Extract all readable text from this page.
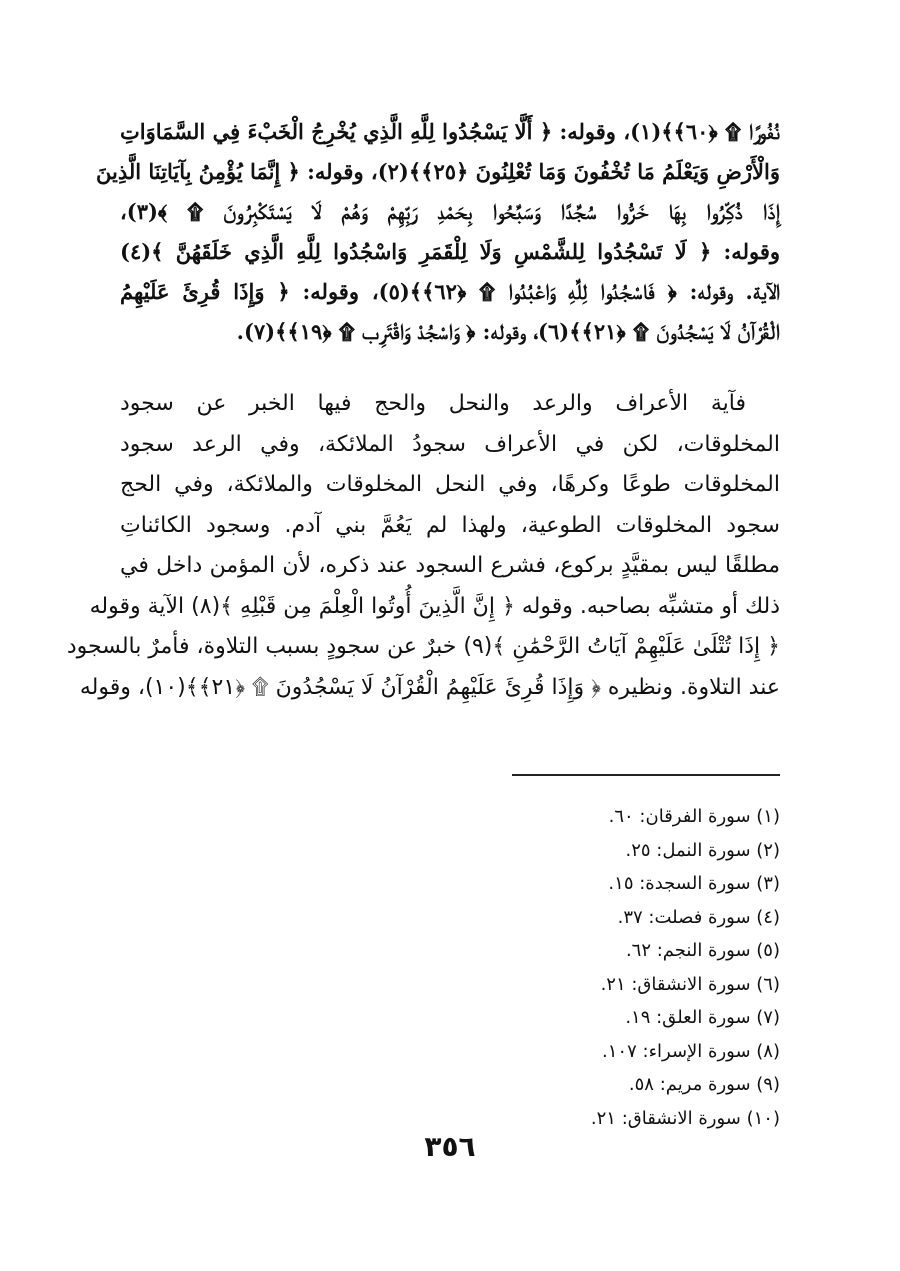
نُفُورًا ۩ ﴿٦٠﴾﴾(١)، وقوله: ﴿ أَلَّا يَسْجُدُوا لِلَّهِ الَّذِي يُخْرِجُ الْخَبْءَ فِي السَّمَاوَاتِ
وَالْأَرْضِ وَيَعْلَمُ مَا تُخْفُونَ وَمَا تُعْلِنُونَ ﴿٢٥﴾﴾(٢)، وقوله: ﴿ إِنَّمَا يُؤْمِنُ بِآيَاتِنَا الَّذِينَ
إِذَا ذُكِّرُوا بِهَا خَرُّوا سُجَّدًا وَسَبَّحُوا بِحَمْدِ رَبِّهِمْ وَهُمْ لَا يَسْتَكْبِرُونَ ۩ ﴾(٣)،
وقوله: ﴿ لَا تَسْجُدُوا لِلشَّمْسِ وَلَا لِلْقَمَرِ وَاسْجُدُوا لِلَّهِ الَّذِي خَلَقَهُنَّ ﴾(٤)
الآية. وقوله: ﴿ فَاسْجُدُوا لِلَّهِ وَاعْبُدُوا ۩ ﴿٦٢﴾﴾(٥)، وقوله: ﴿ وَإِذَا قُرِئَ عَلَيْهِمُ
الْقُرْآنُ لَا يَسْجُدُونَ ۩ ﴿٢١﴾﴾(٦)، وقوله: ﴿ وَاسْجُدْ وَاقْتَرِب ۩ ﴿١٩﴾﴾(٧).
فآية الأعراف والرعد والنحل والحج فيها الخبر عن سجود
المخلوقات، لكن في الأعراف سجودُ الملائكة، وفي الرعد سجود
المخلوقات طوعًا وكرهًا، وفي النحل المخلوقات والملائكة، وفي الحج
سجود المخلوقات الطوعية، ولهذا لم يَعُمَّ بني آدم. وسجود الكائناتِ
مطلقًا ليس بمقيَّدٍ بركوع، فشرع السجود عند ذكره، لأن المؤمن داخل في
ذلك أو متشبِّه بصاحبه. وقوله ﴿ إِنَّ الَّذِينَ أُوتُوا الْعِلْمَ مِن قَبْلِهِ ﴾(٨) الآية وقوله
﴿ إِذَا تُتْلَىٰ عَلَيْهِمْ آيَاتُ الرَّحْمَٰنِ ﴾(٩) خبرٌ عن سجودٍ بسبب التلاوة، فأمرٌ بالسجود
عند التلاوة. ونظيره ﴿ وَإِذَا قُرِئَ عَلَيْهِمُ الْقُرْآنُ لَا يَسْجُدُونَ ۩ ﴿٢١﴾﴾(١٠)، وقوله
(١) سورة الفرقان: ٦٠.
(٢) سورة النمل: ٢٥.
(٣) سورة السجدة: ١٥.
(٤) سورة فصلت: ٣٧.
(٥) سورة النجم: ٦٢.
(٦) سورة الانشقاق: ٢١.
(٧) سورة العلق: ١٩.
(٨) سورة الإسراء: ١٠٧.
(٩) سورة مريم: ٥٨.
(١٠) سورة الانشقاق: ٢١.
٣٥٦
